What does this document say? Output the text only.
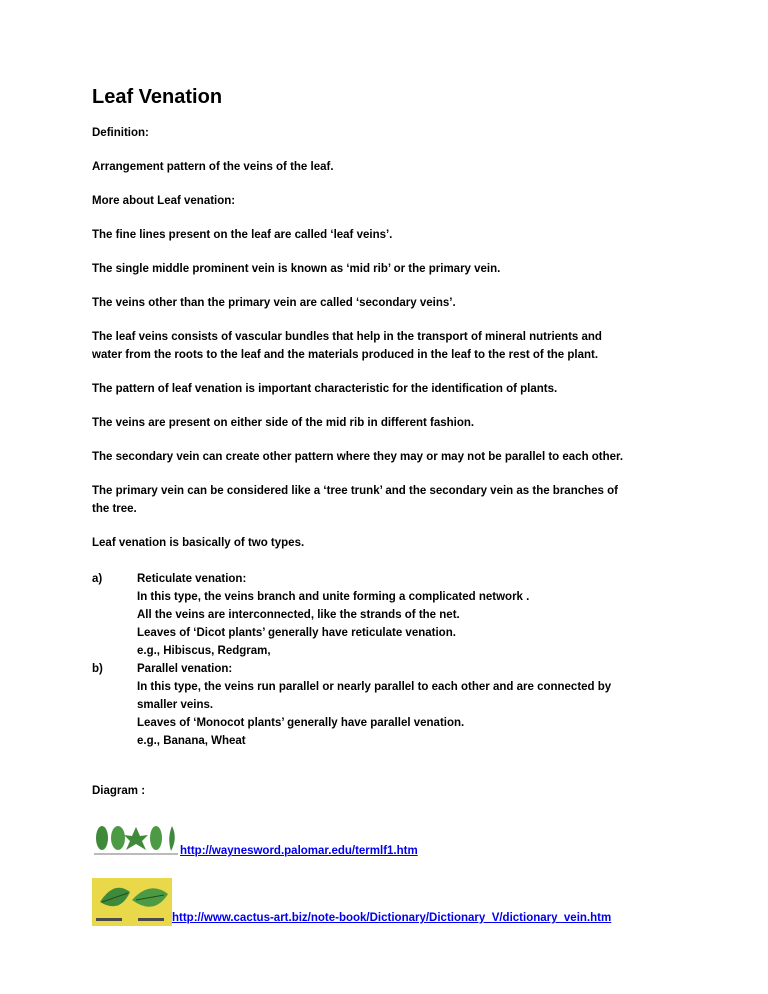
Leaf Venation
Definition:
Arrangement pattern of the veins of the leaf.
More about Leaf venation:
The fine lines present on the leaf are called ‘leaf veins’.
The single middle prominent vein is known as ‘mid rib’ or the primary vein.
The veins other than the primary vein are called ‘secondary veins’.
The leaf veins consists of vascular bundles that help in the transport of mineral nutrients and
water from the roots to the leaf and the materials produced in the leaf to the rest of the plant.
The pattern of leaf venation is important characteristic for the identification of plants.
The veins are present on either side of the mid rib in different fashion.
The secondary vein can create other pattern where they may or may not be parallel to each other.
The primary vein can be considered like a ‘tree trunk’ and the secondary vein as the branches of
the tree.
Leaf venation is basically of two types.
a)	Reticulate venation:
In this type, the veins branch and unite forming a complicated network .
All the veins are interconnected, like the strands of the net.
Leaves of ‘Dicot plants’ generally have reticulate venation.
e.g., Hibiscus, Redgram,
b)	Parallel venation:
In this type, the veins run parallel or nearly parallel to each other and are connected by
smaller veins.
Leaves of ‘Monocot plants’ generally have parallel venation.
e.g., Banana, Wheat
Diagram :
http://waynesword.palomar.edu/termlf1.htm
http://www.cactus-art.biz/note-book/Dictionary/Dictionary_V/dictionary_vein.htm
